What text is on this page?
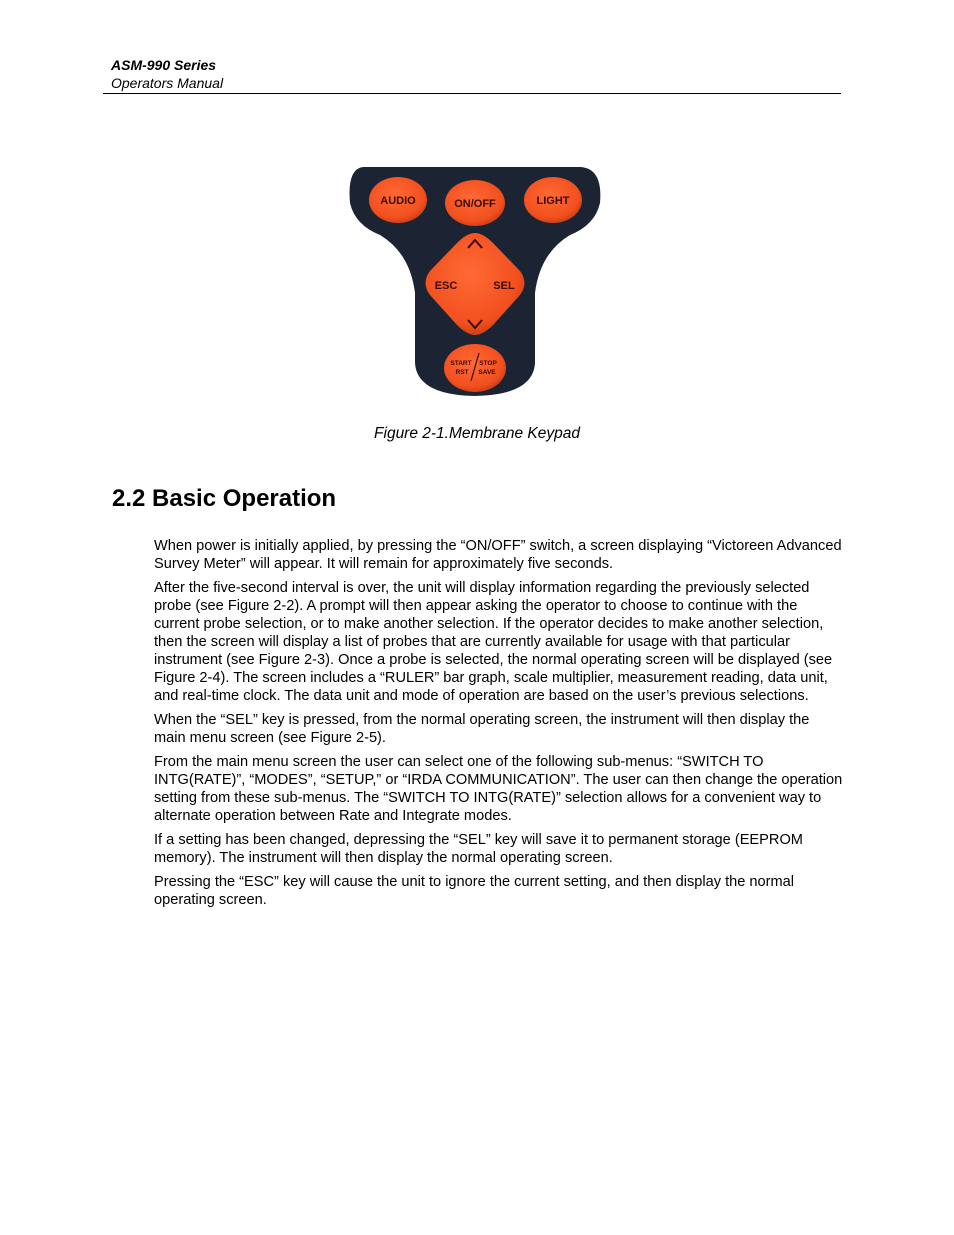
ASM-990 Series
Operators Manual
AUDIO	ON/OFF	LIGHT
ESC	SEL
START STOP
RST SAVE
Figure 2-1.Membrane Keypad
2.2 Basic Operation

When power is initially applied, by pressing the “ON/OFF” switch, a screen displaying “Victoreen Advanced Survey Meter” will appear. It will remain for approximately five seconds.

After the five-second interval is over, the unit will display information regarding the previously selected probe (see Figure 2-2). A prompt will then appear asking the operator to choose to continue with the current probe selection, or to make another selection. If the operator decides to make another selection, then the screen will display a list of probes that are currently available for usage with that particular instrument (see Figure 2-3). Once a probe is selected, the normal operating screen will be displayed (see Figure 2-4). The screen includes a “RULER” bar graph, scale multiplier, measurement reading, data unit, and real-time clock. The data unit and mode of operation are based on the user’s previous selections.

When the “SEL” key is pressed, from the normal operating screen, the instrument will then display the main menu screen (see Figure 2-5).

From the main menu screen the user can select one of the following sub-menus: “SWITCH TO INTG(RATE)”, “MODES”, “SETUP,” or “IRDA COMMUNICATION”. The user can then change the operation setting from these sub-menus. The “SWITCH TO INTG(RATE)” selection allows for a convenient way to alternate operation between Rate and Integrate modes.

If a setting has been changed, depressing the “SEL” key will save it to permanent storage (EEPROM memory). The instrument will then display the normal operating screen.

Pressing the “ESC” key will cause the unit to ignore the current setting, and then display the normal operating screen.
